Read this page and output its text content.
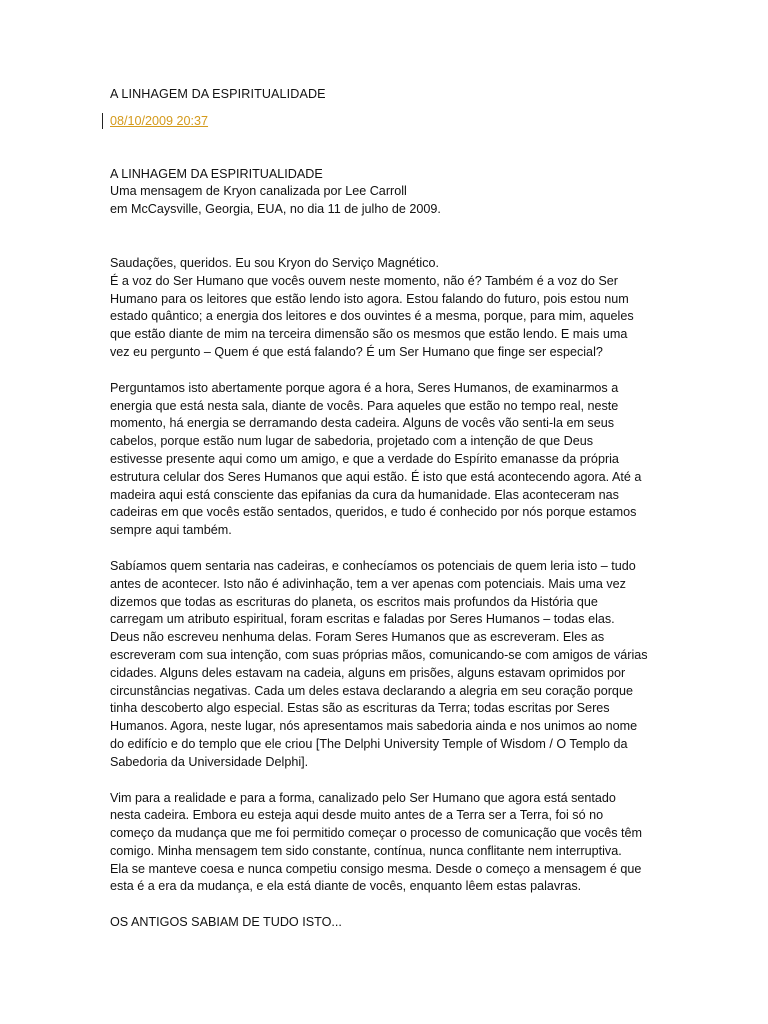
A LINHAGEM DA ESPIRITUALIDADE
08/10/2009 20:37
A LINHAGEM DA ESPIRITUALIDADE
Uma mensagem de Kryon canalizada por Lee Carroll
em McCaysville, Georgia, EUA, no dia 11 de julho de 2009.
Saudações, queridos. Eu sou Kryon do Serviço Magnético.
É a voz do Ser Humano que vocês ouvem neste momento, não é? Também é a voz do Ser
Humano para os leitores que estão lendo isto agora. Estou falando do futuro, pois estou num
estado quântico; a energia dos leitores e dos ouvintes é a mesma, porque, para mim, aqueles
que estão diante de mim na terceira dimensão são os mesmos que estão lendo. E mais uma
vez eu pergunto – Quem é que está falando? É um Ser Humano que finge ser especial?
Perguntamos isto abertamente porque agora é a hora, Seres Humanos, de examinarmos a
energia que está nesta sala, diante de vocês. Para aqueles que estão no tempo real, neste
momento, há energia se derramando desta cadeira. Alguns de vocês vão senti-la em seus
cabelos, porque estão num lugar de sabedoria, projetado com a intenção de que Deus
estivesse presente aqui como um amigo, e que a verdade do Espírito emanasse da própria
estrutura celular dos Seres Humanos que aqui estão. É isto que está acontecendo agora. Até a
madeira aqui está consciente das epifanias da cura da humanidade. Elas aconteceram nas
cadeiras em que vocês estão sentados, queridos, e tudo é conhecido por nós porque estamos
sempre aqui também.
Sabíamos quem sentaria nas cadeiras, e conhecíamos os potenciais de quem leria isto – tudo
antes de acontecer. Isto não é adivinhação, tem a ver apenas com potenciais. Mais uma vez
dizemos que todas as escrituras do planeta, os escritos mais profundos da História que
carregam um atributo espiritual, foram escritas e faladas por Seres Humanos – todas elas.
Deus não escreveu nenhuma delas. Foram Seres Humanos que as escreveram. Eles as
escreveram com sua intenção, com suas próprias mãos, comunicando-se com amigos de várias
cidades. Alguns deles estavam na cadeia, alguns em prisões, alguns estavam oprimidos por
circunstâncias negativas. Cada um deles estava declarando a alegria em seu coração porque
tinha descoberto algo especial. Estas são as escrituras da Terra; todas escritas por Seres
Humanos. Agora, neste lugar, nós apresentamos mais sabedoria ainda e nos unimos ao nome
do edifício e do templo que ele criou [The Delphi University Temple of Wisdom / O Templo da
Sabedoria da Universidade Delphi].
Vim para a realidade e para a forma, canalizado pelo Ser Humano que agora está sentado
nesta cadeira. Embora eu esteja aqui desde muito antes de a Terra ser a Terra, foi só no
começo da mudança que me foi permitido começar o processo de comunicação que vocês têm
comigo. Minha mensagem tem sido constante, contínua, nunca conflitante nem interruptiva.
Ela se manteve coesa e nunca competiu consigo mesma. Desde o começo a mensagem é que
esta é a era da mudança, e ela está diante de vocês, enquanto lêem estas palavras.
OS ANTIGOS SABIAM DE TUDO ISTO...
